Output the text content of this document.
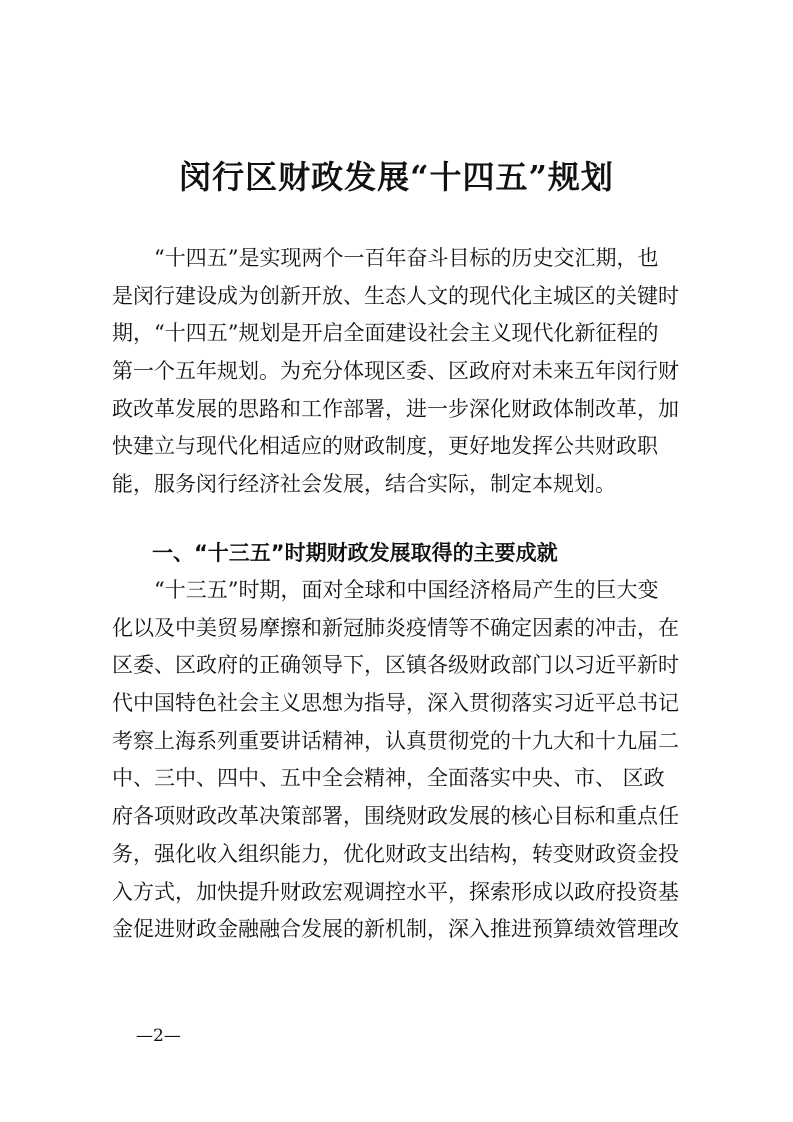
闵行区财政发展“十四五”规划
　　“十四五”是实现两个一百年奋斗目标的历史交汇期，也
是闵行建设成为创新开放、生态人文的现代化主城区的关键时
期，“十四五”规划是开启全面建设社会主义现代化新征程的
第一个五年规划。为充分体现区委、区政府对未来五年闵行财
政改革发展的思路和工作部署，进一步深化财政体制改革，加
快建立与现代化相适应的财政制度，更好地发挥公共财政职
能，服务闵行经济社会发展，结合实际，制定本规划。
一、“十三五”时期财政发展取得的主要成就
　　“十三五”时期，面对全球和中国经济格局产生的巨大变
化以及中美贸易摩擦和新冠肺炎疫情等不确定因素的冲击，在
区委、区政府的正确领导下，区镇各级财政部门以习近平新时
代中国特色社会主义思想为指导，深入贯彻落实习近平总书记
考察上海系列重要讲话精神，认真贯彻党的十九大和十九届二
中、三中、四中、五中全会精神，全面落实中央、市、 区政
府各项财政改革决策部署，围绕财政发展的核心目标和重点任
务，强化收入组织能力，优化财政支出结构，转变财政资金投
入方式，加快提升财政宏观调控水平，探索形成以政府投资基
金促进财政金融融合发展的新机制，深入推进预算绩效管理改
—2—
